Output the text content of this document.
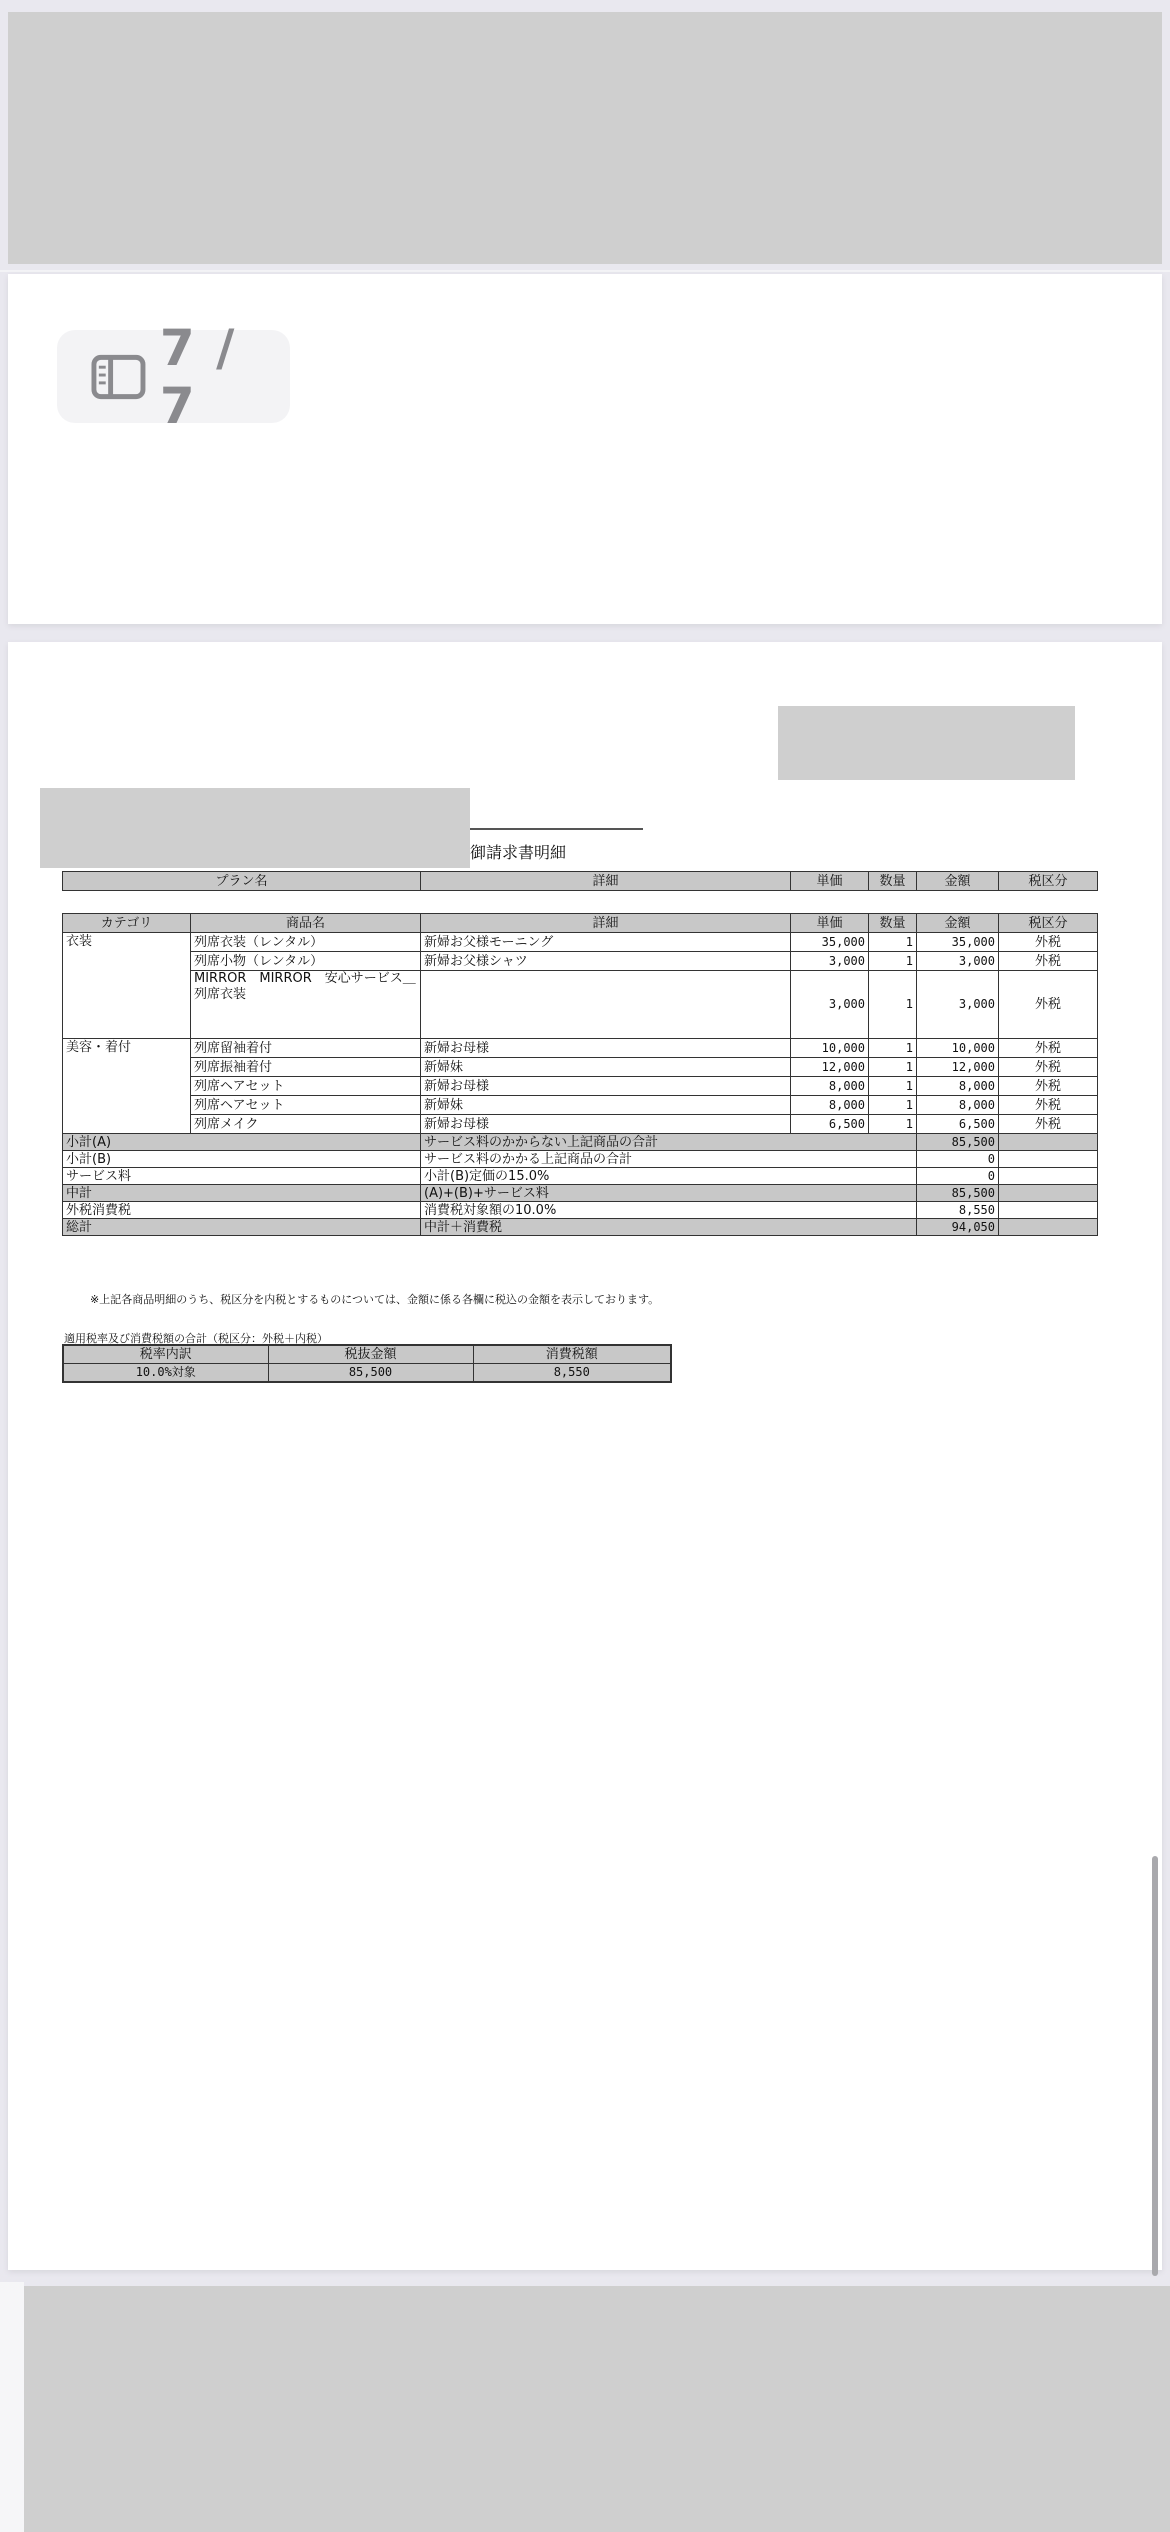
7 / 7
御請求書明細
プラン名	詳細	単価	数量	金額	税区分
カテゴリ	商品名	詳細	単価	数量	金額	税区分
衣装	列席衣装（レンタル）	新婦お父様モーニング	35,000	1	35,000	外税
	列席小物（レンタル）	新婦お父様シャツ	3,000	1	3,000	外税
	MIRROR　MIRROR　安心サービス＿列席衣装		3,000	1	3,000	外税
美容・着付	列席留袖着付	新婦お母様	10,000	1	10,000	外税
	列席振袖着付	新婦妹	12,000	1	12,000	外税
	列席ヘアセット	新婦お母様	8,000	1	8,000	外税
	列席ヘアセット	新婦妹	8,000	1	8,000	外税
	列席メイク	新婦お母様	6,500	1	6,500	外税
小計(A)		サービス料のかからない上記商品の合計			85,500	
小計(B)		サービス料のかかる上記商品の合計			0	
サービス料		小計(B)定価の15.0%			0	
中計		(A)+(B)+サービス料			85,500	
外税消費税		消費税対象額の10.0%			8,550	
総計		中計＋消費税			94,050	
※上記各商品明細のうち、税区分を内税とするものについては、金額に係る各欄に税込の金額を表示しております。
適用税率及び消費税額の合計（税区分：外税＋内税）
税率内訳	税抜金額	消費税額
10.0%対象	85,500	8,550
